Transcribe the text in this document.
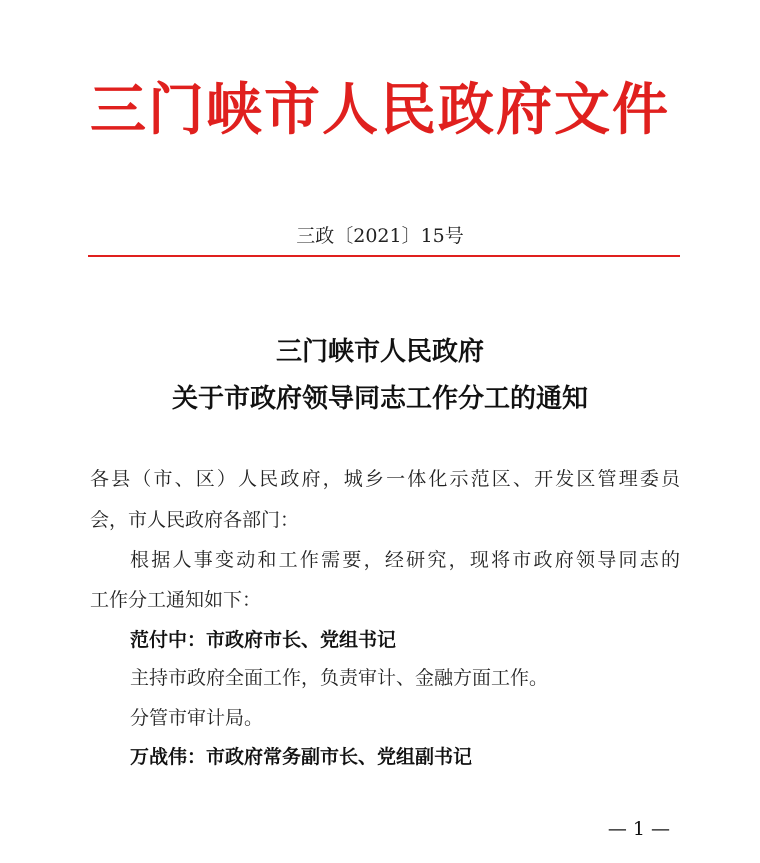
三门峡市人民政府文件
三政〔2021〕15号
三门峡市人民政府
关于市政府领导同志工作分工的通知
各县（市、区）人民政府，城乡一体化示范区、开发区管理委员
会，市人民政府各部门：
根据人事变动和工作需要，经研究，现将市政府领导同志的
工作分工通知如下：
范付中：市政府市长、党组书记
主持市政府全面工作，负责审计、金融方面工作。
分管市审计局。
万战伟：市政府常务副市长、党组副书记
— 1 —
